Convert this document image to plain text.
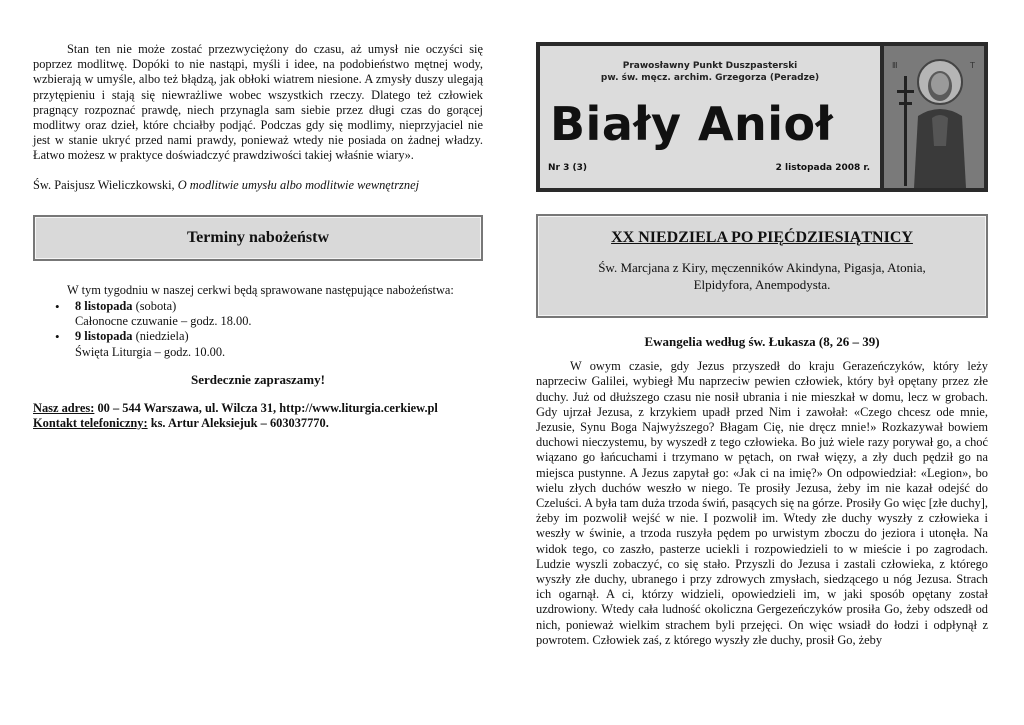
Stan ten nie może zostać przezwyciężony do czasu, aż umysł nie oczyści się poprzez modlitwę. Dopóki to nie nastąpi, myśli i idee, na podobieństwo mętnej wody, wzbierają w umyśle, albo też błądzą, jak obłoki wiatrem niesione. A zmysły duszy ulegają przytępieniu i stają się niewrażliwe wobec wszystkich rzeczy. Dlatego też człowiek pragnący rozpoznać prawdę, niech przynagla sam siebie przez długi czas do gorącej modlitwy oraz dzieł, które chciałby podjąć. Podczas gdy się modlimy, nieprzyjaciel nie jest w stanie ukryć przed nami prawdy, ponieważ wtedy nie posiada on żadnej władzy. Łatwo możesz w praktyce doświadczyć prawdziwości takiej właśnie wiary».

Św. Paisjusz Wieliczkowski, O modlitwie umysłu albo modlitwie wewnętrznej

Terminy nabożeństw

W tym tygodniu w naszej cerkwi będą sprawowane następujące nabożeństwa:

• 8 listopada (sobota)
Całonocne czuwanie – godz. 18.00.
• 9 listopada (niedziela)
Święta Liturgia – godz. 10.00.
Serdecznie zapraszamy!
Nasz adres: 00 – 544 Warszawa, ul. Wilcza 31, http://www.liturgia.cerkiew.pl
Kontakt telefoniczny: ks. Artur Aleksiejuk – 603037770.
Prawosławny Punkt Duszpasterski
pw. św. męcz. archim. Grzegorza (Peradze)
Biały Anioł
Nr 3 (3)	2 listopada 2008 r.
Т
Ⅲ
XX NIEDZIELA PO PIĘĆDZIESIĄTNICY
Św. Marcjana z Kiry, męczenników Akindyna, Pigasja, Atonia, Elpidyfora, Anempodysta.
Ewangelia według św. Łukasza (8, 26 – 39)

W owym czasie, gdy Jezus przyszedł do kraju Gerazeńczyków, który leży naprzeciw Galilei, wybiegł Mu naprzeciw pewien człowiek, który był opętany przez złe duchy. Już od dłuższego czasu nie nosił ubrania i nie mieszkał w domu, lecz w grobach. Gdy ujrzał Jezusa, z krzykiem upadł przed Nim i zawołał: «Czego chcesz ode mnie, Jezusie, Synu Boga Najwyższego? Błagam Cię, nie dręcz mnie!» Rozkazywał bowiem duchowi nieczystemu, by wyszedł z tego człowieka. Bo już wiele razy porywał go, a choć wiązano go łańcuchami i trzymano w pętach, on rwał więzy, a zły duch pędził go na miejsca pustynne. A Jezus zapytał go: «Jak ci na imię?» On odpowiedział: «Legion», bo wielu złych duchów weszło w niego. Te prosiły Jezusa, żeby im nie kazał odejść do Czeluści. A była tam duża trzoda świń, pasących się na górze. Prosiły Go więc [złe duchy], żeby im pozwolił wejść w nie. I pozwolił im. Wtedy złe duchy wyszły z człowieka i weszły w świnie, a trzoda ruszyła pędem po urwistym zboczu do jeziora i utonęła. Na widok tego, co zaszło, pasterze uciekli i rozpowiedzieli to w mieście i po zagrodach. Ludzie wyszli zobaczyć, co się stało. Przyszli do Jezusa i zastali człowieka, z którego wyszły złe duchy, ubranego i przy zdrowych zmysłach, siedzącego u nóg Jezusa. Strach ich ogarnął. A ci, którzy widzieli, opowiedzieli im, w jaki sposób opętany został uzdrowiony. Wtedy cała ludność okoliczna Gergezeńczyków prosiła Go, żeby odszedł od nich, ponieważ wielkim strachem byli przejęci. On więc wsiadł do łodzi i odpłynął z powrotem. Człowiek zaś, z którego wyszły złe duchy, prosił Go, żeby
